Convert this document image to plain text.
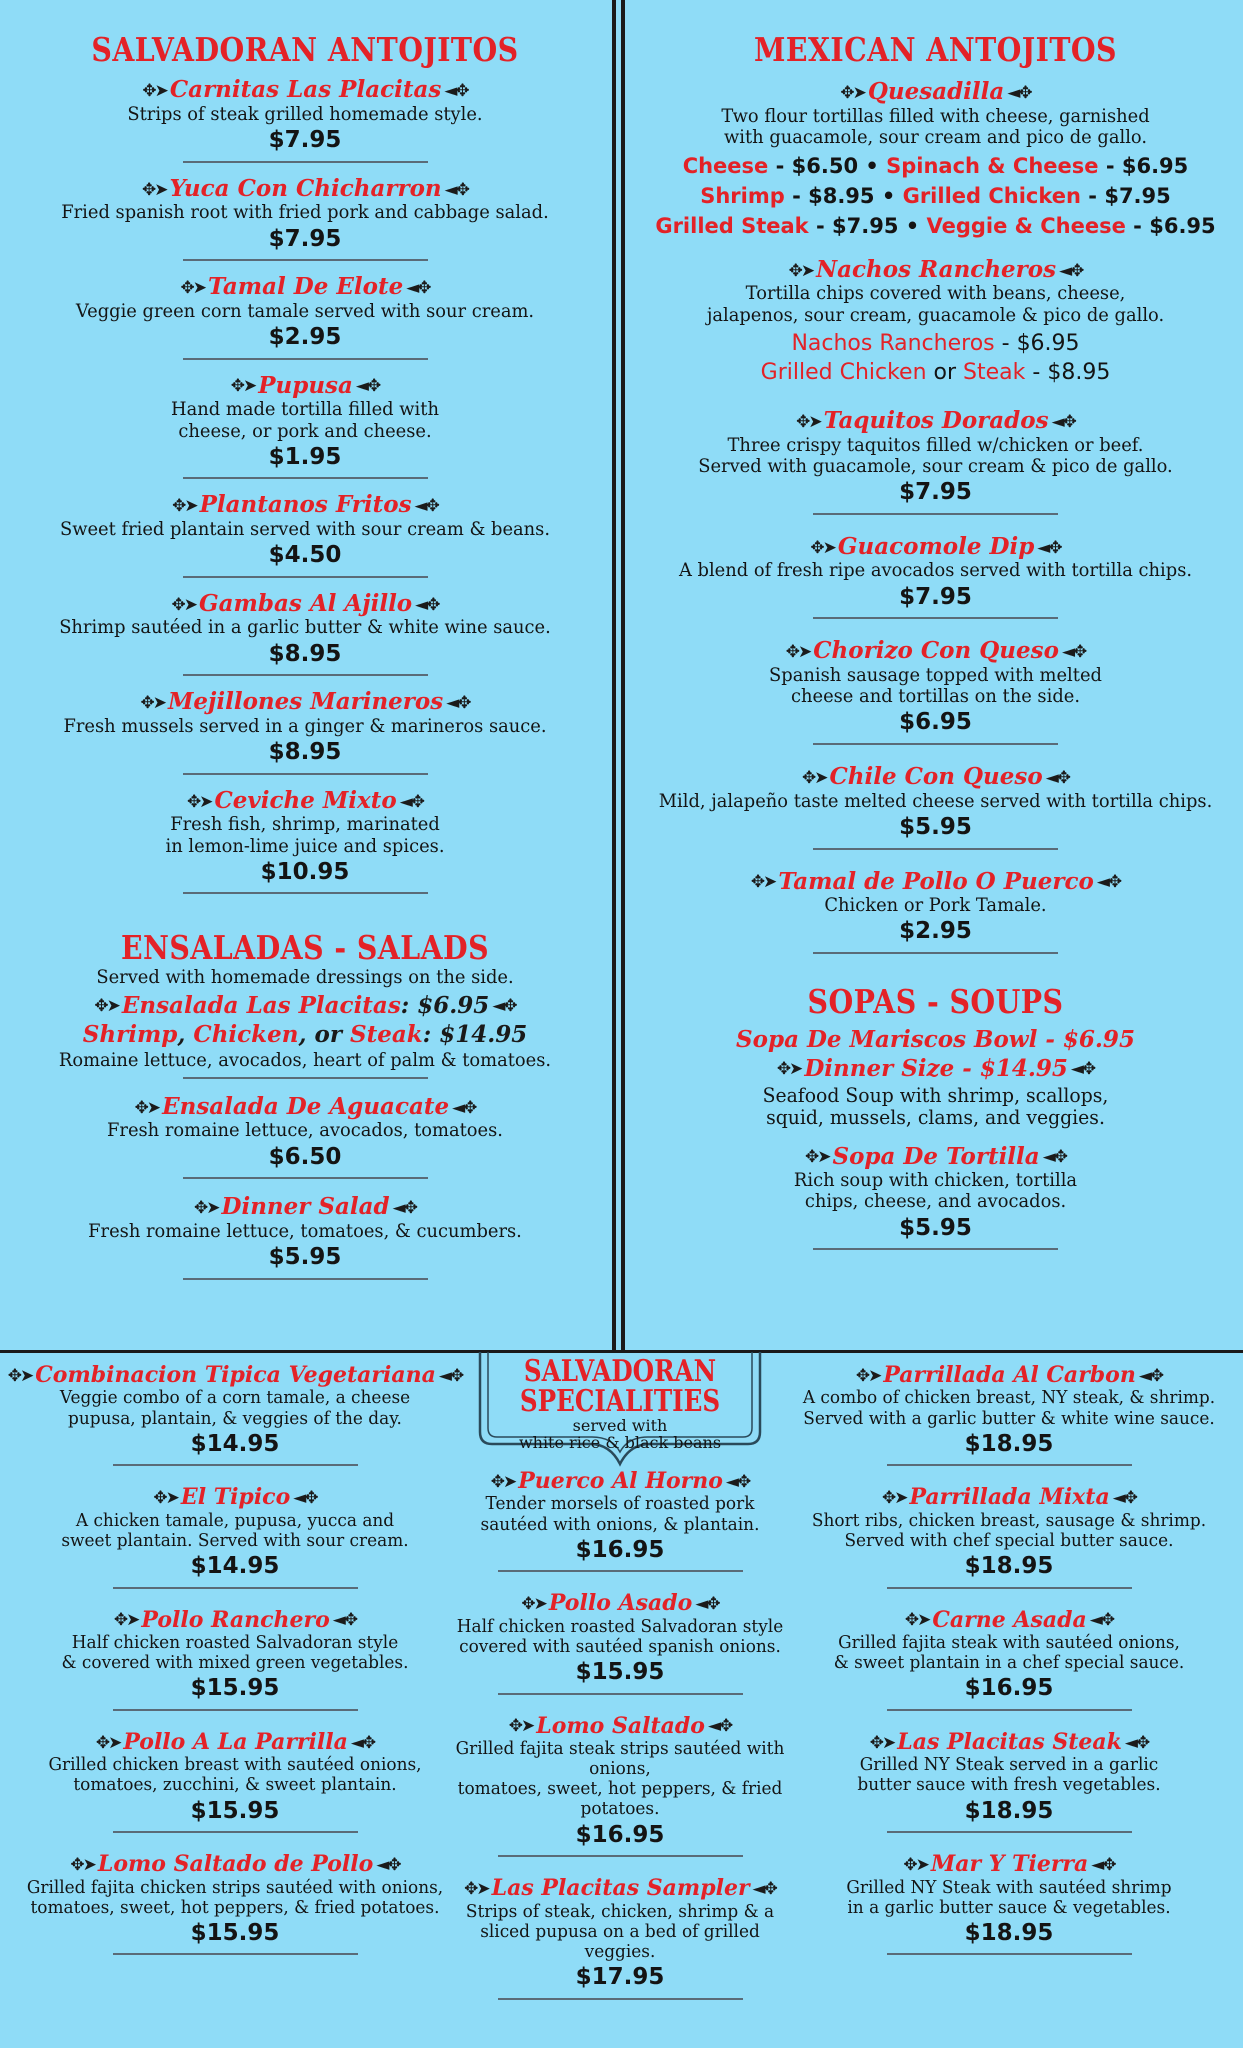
SALVADORAN ANTOJITOS
✥➤ Carnitas Las Placitas ◄✥
Strips of steak grilled homemade style.
$7.95
✥➤ Yuca Con Chicharron ◄✥
Fried spanish root with fried pork and cabbage salad.
$7.95
✥➤ Tamal De Elote ◄✥
Veggie green corn tamale served with sour cream.
$2.95
✥➤ Pupusa ◄✥
Hand made tortilla filled with
cheese, or pork and cheese.
$1.95
✥➤ Plantanos Fritos ◄✥
Sweet fried plantain served with sour cream & beans.
$4.50
✥➤ Gambas Al Ajillo ◄✥
Shrimp sautéed in a garlic butter & white wine sauce.
$8.95
✥➤ Mejillones Marineros ◄✥
Fresh mussels served in a ginger & marineros sauce.
$8.95
✥➤ Ceviche Mixto ◄✥
Fresh fish, shrimp, marinated
in lemon-lime juice and spices.
$10.95
ENSALADAS - SALADS
Served with homemade dressings on the side.
✥➤ Ensalada Las Placitas: $6.95 ◄✥
Shrimp, Chicken, or Steak: $14.95
Romaine lettuce, avocados, heart of palm & tomatoes.
✥➤ Ensalada De Aguacate ◄✥
Fresh romaine lettuce, avocados, tomatoes.
$6.50
✥➤ Dinner Salad ◄✥
Fresh romaine lettuce, tomatoes, & cucumbers.
$5.95
MEXICAN ANTOJITOS
✥➤ Quesadilla ◄✥
Two flour tortillas filled with cheese, garnished
with guacamole, sour cream and pico de gallo.
Cheese - $6.50 • Spinach & Cheese - $6.95
Shrimp - $8.95 • Grilled Chicken - $7.95
Grilled Steak - $7.95 • Veggie & Cheese - $6.95
✥➤ Nachos Rancheros ◄✥
Tortilla chips covered with beans, cheese,
jalapenos, sour cream, guacamole & pico de gallo.
Nachos Rancheros - $6.95
Grilled Chicken or Steak - $8.95
✥➤ Taquitos Dorados ◄✥
Three crispy taquitos filled w/chicken or beef.
Served with guacamole, sour cream & pico de gallo.
$7.95
✥➤ Guacomole Dip ◄✥
A blend of fresh ripe avocados served with tortilla chips.
$7.95
✥➤ Chorizo Con Queso ◄✥
Spanish sausage topped with melted
cheese and tortillas on the side.
$6.95
✥➤ Chile Con Queso ◄✥
Mild, jalapeño taste melted cheese served with tortilla chips.
$5.95
✥➤ Tamal de Pollo O Puerco ◄✥
Chicken or Pork Tamale.
$2.95
SOPAS - SOUPS
Sopa De Mariscos Bowl - $6.95
✥➤ Dinner Size - $14.95 ◄✥
Seafood Soup with shrimp, scallops,
squid, mussels, clams, and veggies.
✥➤ Sopa De Tortilla ◄✥
Rich soup with chicken, tortilla
chips, cheese, and avocados.
$5.95
✥➤ Combinacion Tipica Vegetariana ◄✥
Veggie combo of a corn tamale, a cheese
pupusa, plantain, & veggies of the day.
$14.95
✥➤ El Tipico ◄✥
A chicken tamale, pupusa, yucca and
sweet plantain. Served with sour cream.
$14.95
✥➤ Pollo Ranchero ◄✥
Half chicken roasted Salvadoran style
& covered with mixed green vegetables.
$15.95
✥➤ Pollo A La Parrilla ◄✥
Grilled chicken breast with sautéed onions,
tomatoes, zucchini, & sweet plantain.
$15.95
✥➤ Lomo Saltado de Pollo ◄✥
Grilled fajita chicken strips sautéed with onions,
tomatoes, sweet, hot peppers, & fried potatoes.
$15.95
SALVADORAN
SPECIALITIES
served with
white rice & black beans
✥➤ Puerco Al Horno ◄✥
Tender morsels of roasted pork
sautéed with onions, & plantain.
$16.95
✥➤ Pollo Asado ◄✥
Half chicken roasted Salvadoran style
covered with sautéed spanish onions.
$15.95
✥➤ Lomo Saltado ◄✥
Grilled fajita steak strips sautéed with onions,
tomatoes, sweet, hot peppers, & fried potatoes.
$16.95
✥➤ Las Placitas Sampler ◄✥
Strips of steak, chicken, shrimp & a
sliced pupusa on a bed of grilled veggies.
$17.95
✥➤ Parrillada Al Carbon ◄✥
A combo of chicken breast, NY steak, & shrimp.
Served with a garlic butter & white wine sauce.
$18.95
✥➤ Parrillada Mixta ◄✥
Short ribs, chicken breast, sausage & shrimp.
Served with chef special butter sauce.
$18.95
✥➤ Carne Asada ◄✥
Grilled fajita steak with sautéed onions,
& sweet plantain in a chef special sauce.
$16.95
✥➤ Las Placitas Steak ◄✥
Grilled NY Steak served in a garlic
butter sauce with fresh vegetables.
$18.95
✥➤ Mar Y Tierra ◄✥
Grilled NY Steak with sautéed shrimp
in a garlic butter sauce & vegetables.
$18.95
